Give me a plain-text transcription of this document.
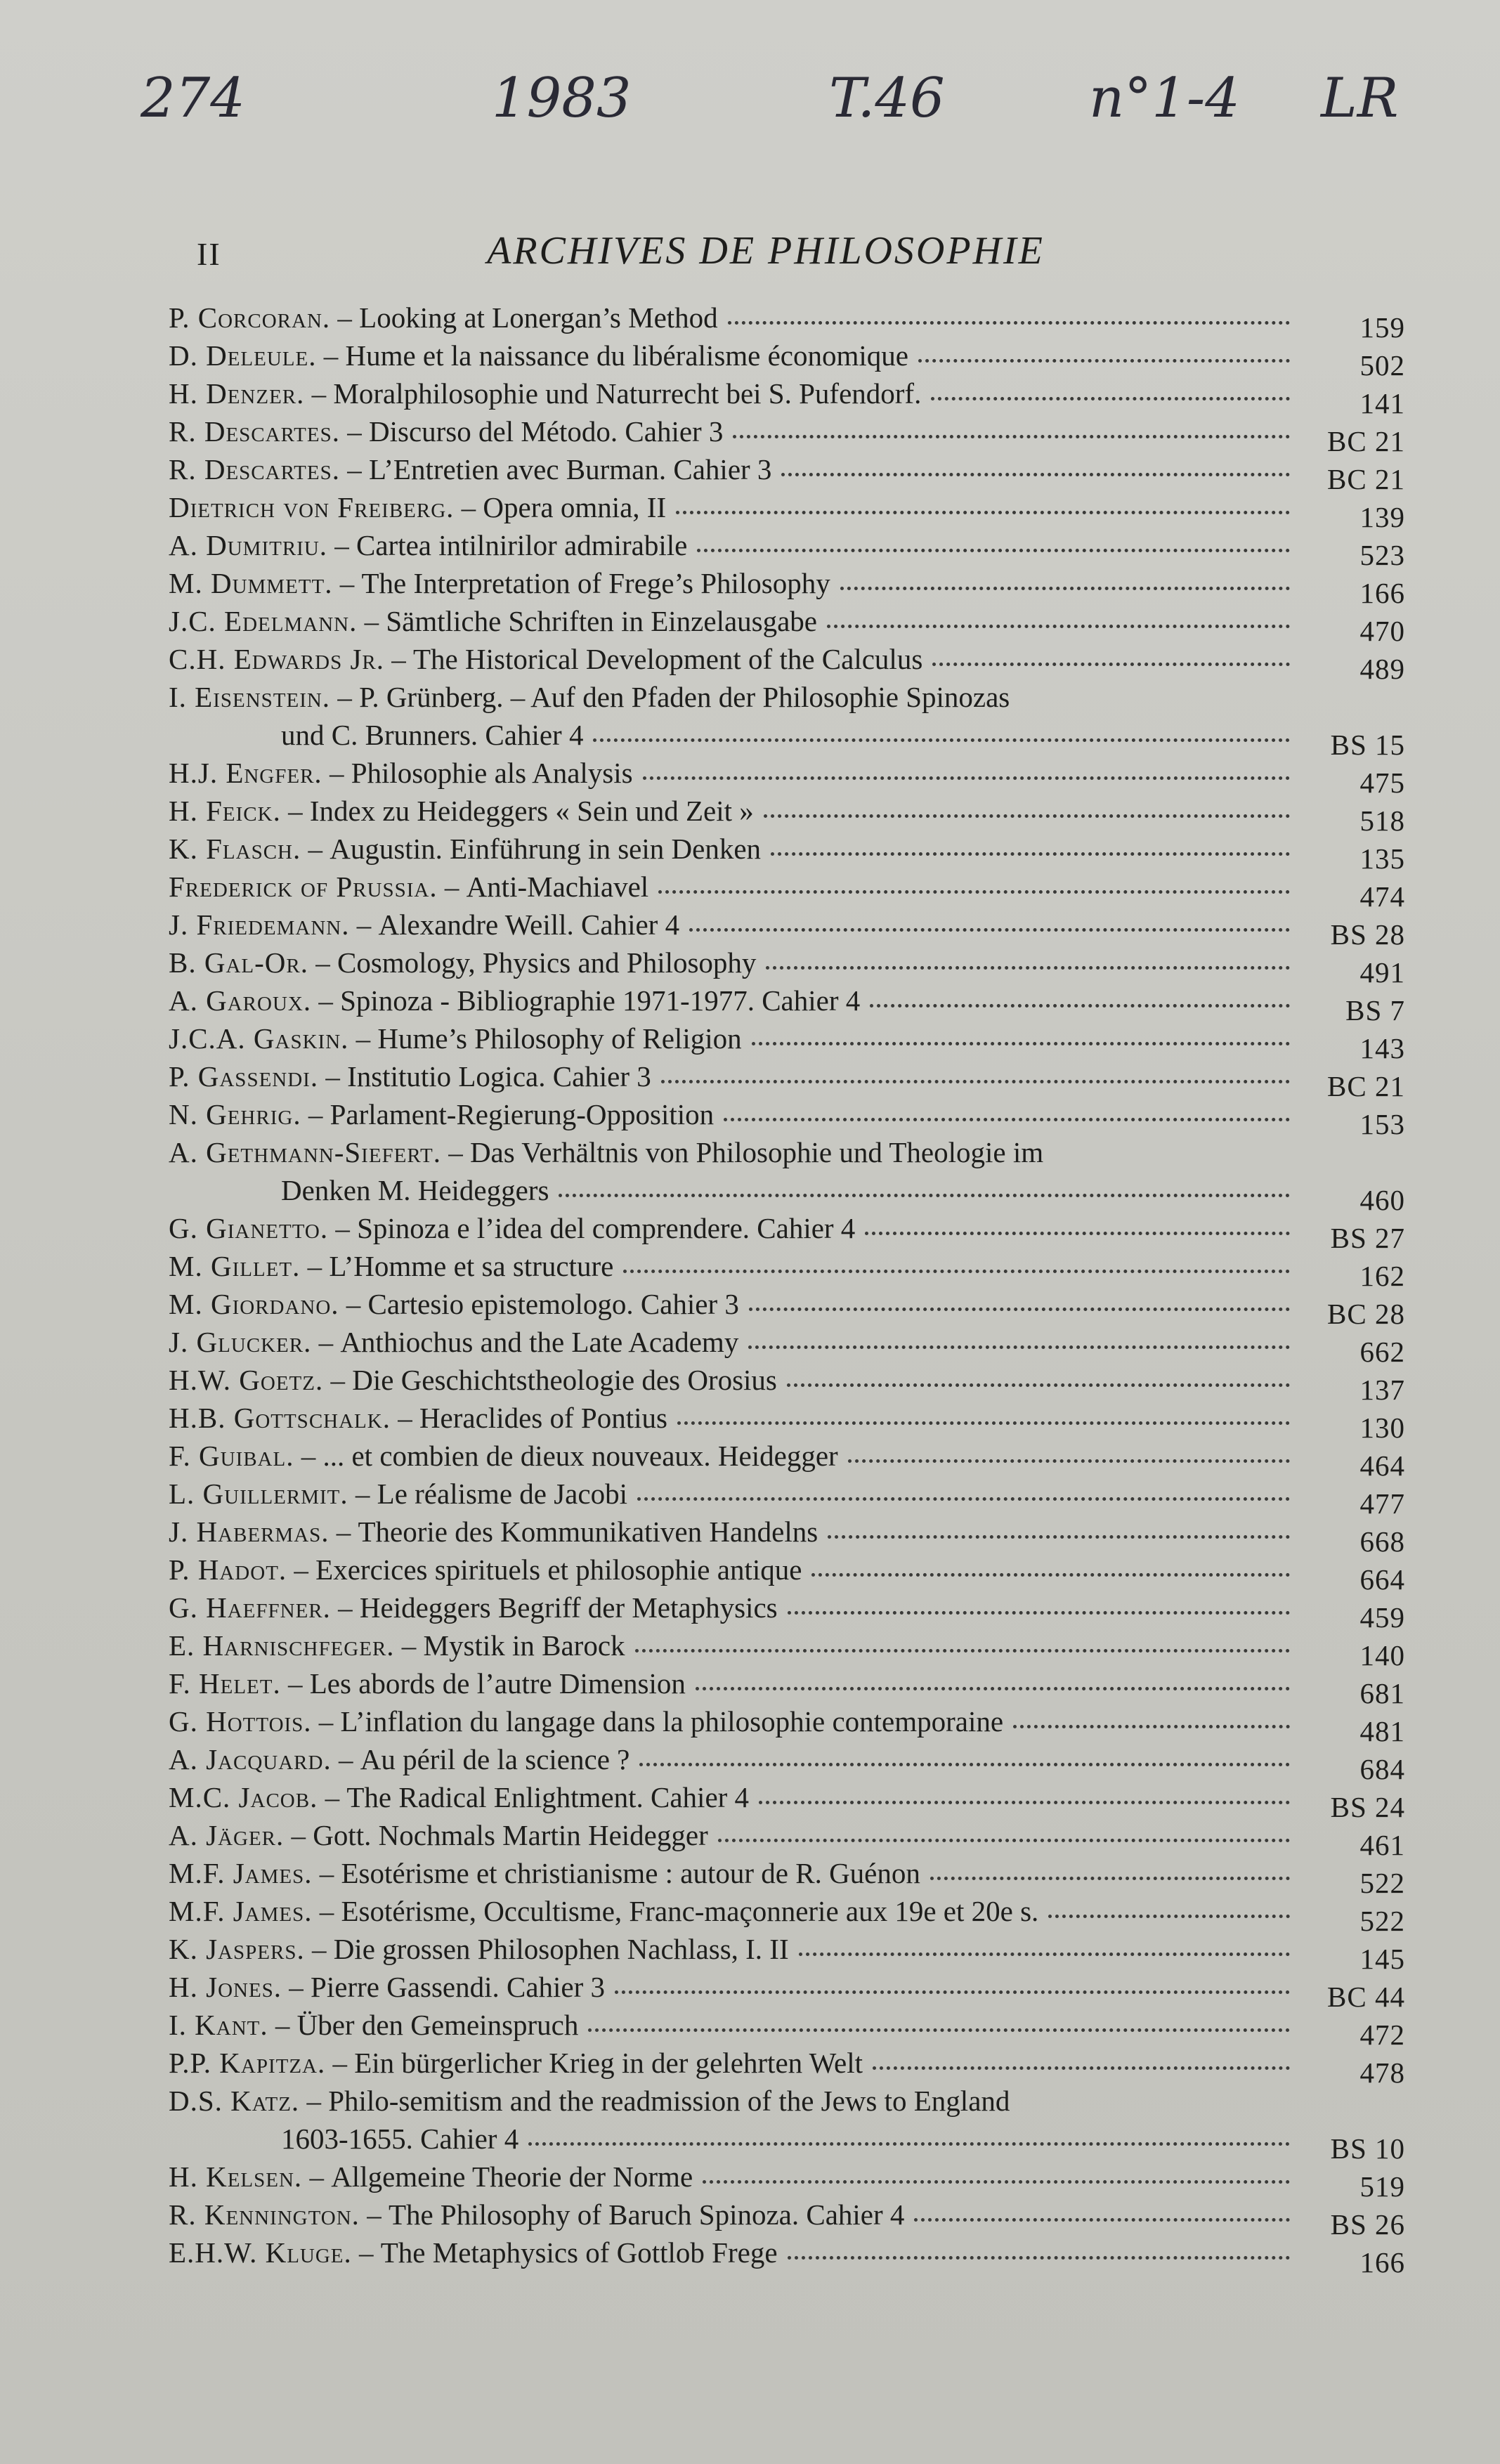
274	1983	T.46	n°1-4 LR
II	ARCHIVES DE PHILOSOPHIE
P. Corcoran. – Looking at Lonergan’s Method	159
D. Deleule. – Hume et la naissance du libéralisme économique	502
H. Denzer. – Moralphilosophie und Naturrecht bei S. Pufendorf.	141
R. Descartes. – Discurso del Método. Cahier 3	BC 21
R. Descartes. – L’Entretien avec Burman. Cahier 3	BC 21
Dietrich von Freiberg. – Opera omnia, II	139
A. Dumitriu. – Cartea intilnirilor admirabile	523
M. Dummett. – The Interpretation of Frege’s Philosophy	166
J.C. Edelmann. – Sämtliche Schriften in Einzelausgabe	470
C.H. Edwards Jr. – The Historical Development of the Calculus	489
I. Eisenstein. – P. Grünberg. – Auf den Pfaden der Philosophie Spinozas
und C. Brunners. Cahier 4	BS 15
H.J. Engfer. – Philosophie als Analysis	475
H. Feick. – Index zu Heideggers « Sein und Zeit »	518
K. Flasch. – Augustin. Einführung in sein Denken	135
Frederick of Prussia. – Anti-Machiavel	474
J. Friedemann. – Alexandre Weill. Cahier 4	BS 28
B. Gal-Or. – Cosmology, Physics and Philosophy	491
A. Garoux. – Spinoza - Bibliographie 1971-1977. Cahier 4	BS 7
J.C.A. Gaskin. – Hume’s Philosophy of Religion	143
P. Gassendi. – Institutio Logica. Cahier 3	BC 21
N. Gehrig. – Parlament-Regierung-Opposition	153
A. Gethmann-Siefert. – Das Verhältnis von Philosophie und Theologie im
Denken M. Heideggers	460
G. Gianetto. – Spinoza e l’idea del comprendere. Cahier 4	BS 27
M. Gillet. – L’Homme et sa structure	162
M. Giordano. – Cartesio epistemologo. Cahier 3	BC 28
J. Glucker. – Anthiochus and the Late Academy	662
H.W. Goetz. – Die Geschichtstheologie des Orosius	137
H.B. Gottschalk. – Heraclides of Pontius	130
F. Guibal. – ... et combien de dieux nouveaux. Heidegger	464
L. Guillermit. – Le réalisme de Jacobi	477
J. Habermas. – Theorie des Kommunikativen Handelns	668
P. Hadot. – Exercices spirituels et philosophie antique	664
G. Haeffner. – Heideggers Begriff der Metaphysics	459
E. Harnischfeger. – Mystik in Barock	140
F. Helet. – Les abords de l’autre Dimension	681
G. Hottois. – L’inflation du langage dans la philosophie contemporaine	481
A. Jacquard. – Au péril de la science ?	684
M.C. Jacob. – The Radical Enlightment. Cahier 4	BS 24
A. Jäger. – Gott. Nochmals Martin Heidegger	461
M.F. James. – Esotérisme et christianisme : autour de R. Guénon	522
M.F. James. – Esotérisme, Occultisme, Franc-maçonnerie aux 19e et 20e s.	522
K. Jaspers. – Die grossen Philosophen Nachlass, I. II	145
H. Jones. – Pierre Gassendi. Cahier 3	BC 44
I. Kant. – Über den Gemeinspruch	472
P.P. Kapitza. – Ein bürgerlicher Krieg in der gelehrten Welt	478
D.S. Katz. – Philo-semitism and the readmission of the Jews to England
1603-1655. Cahier 4	BS 10
H. Kelsen. – Allgemeine Theorie der Norme	519
R. Kennington. – The Philosophy of Baruch Spinoza. Cahier 4	BS 26
E.H.W. Kluge. – The Metaphysics of Gottlob Frege	166
